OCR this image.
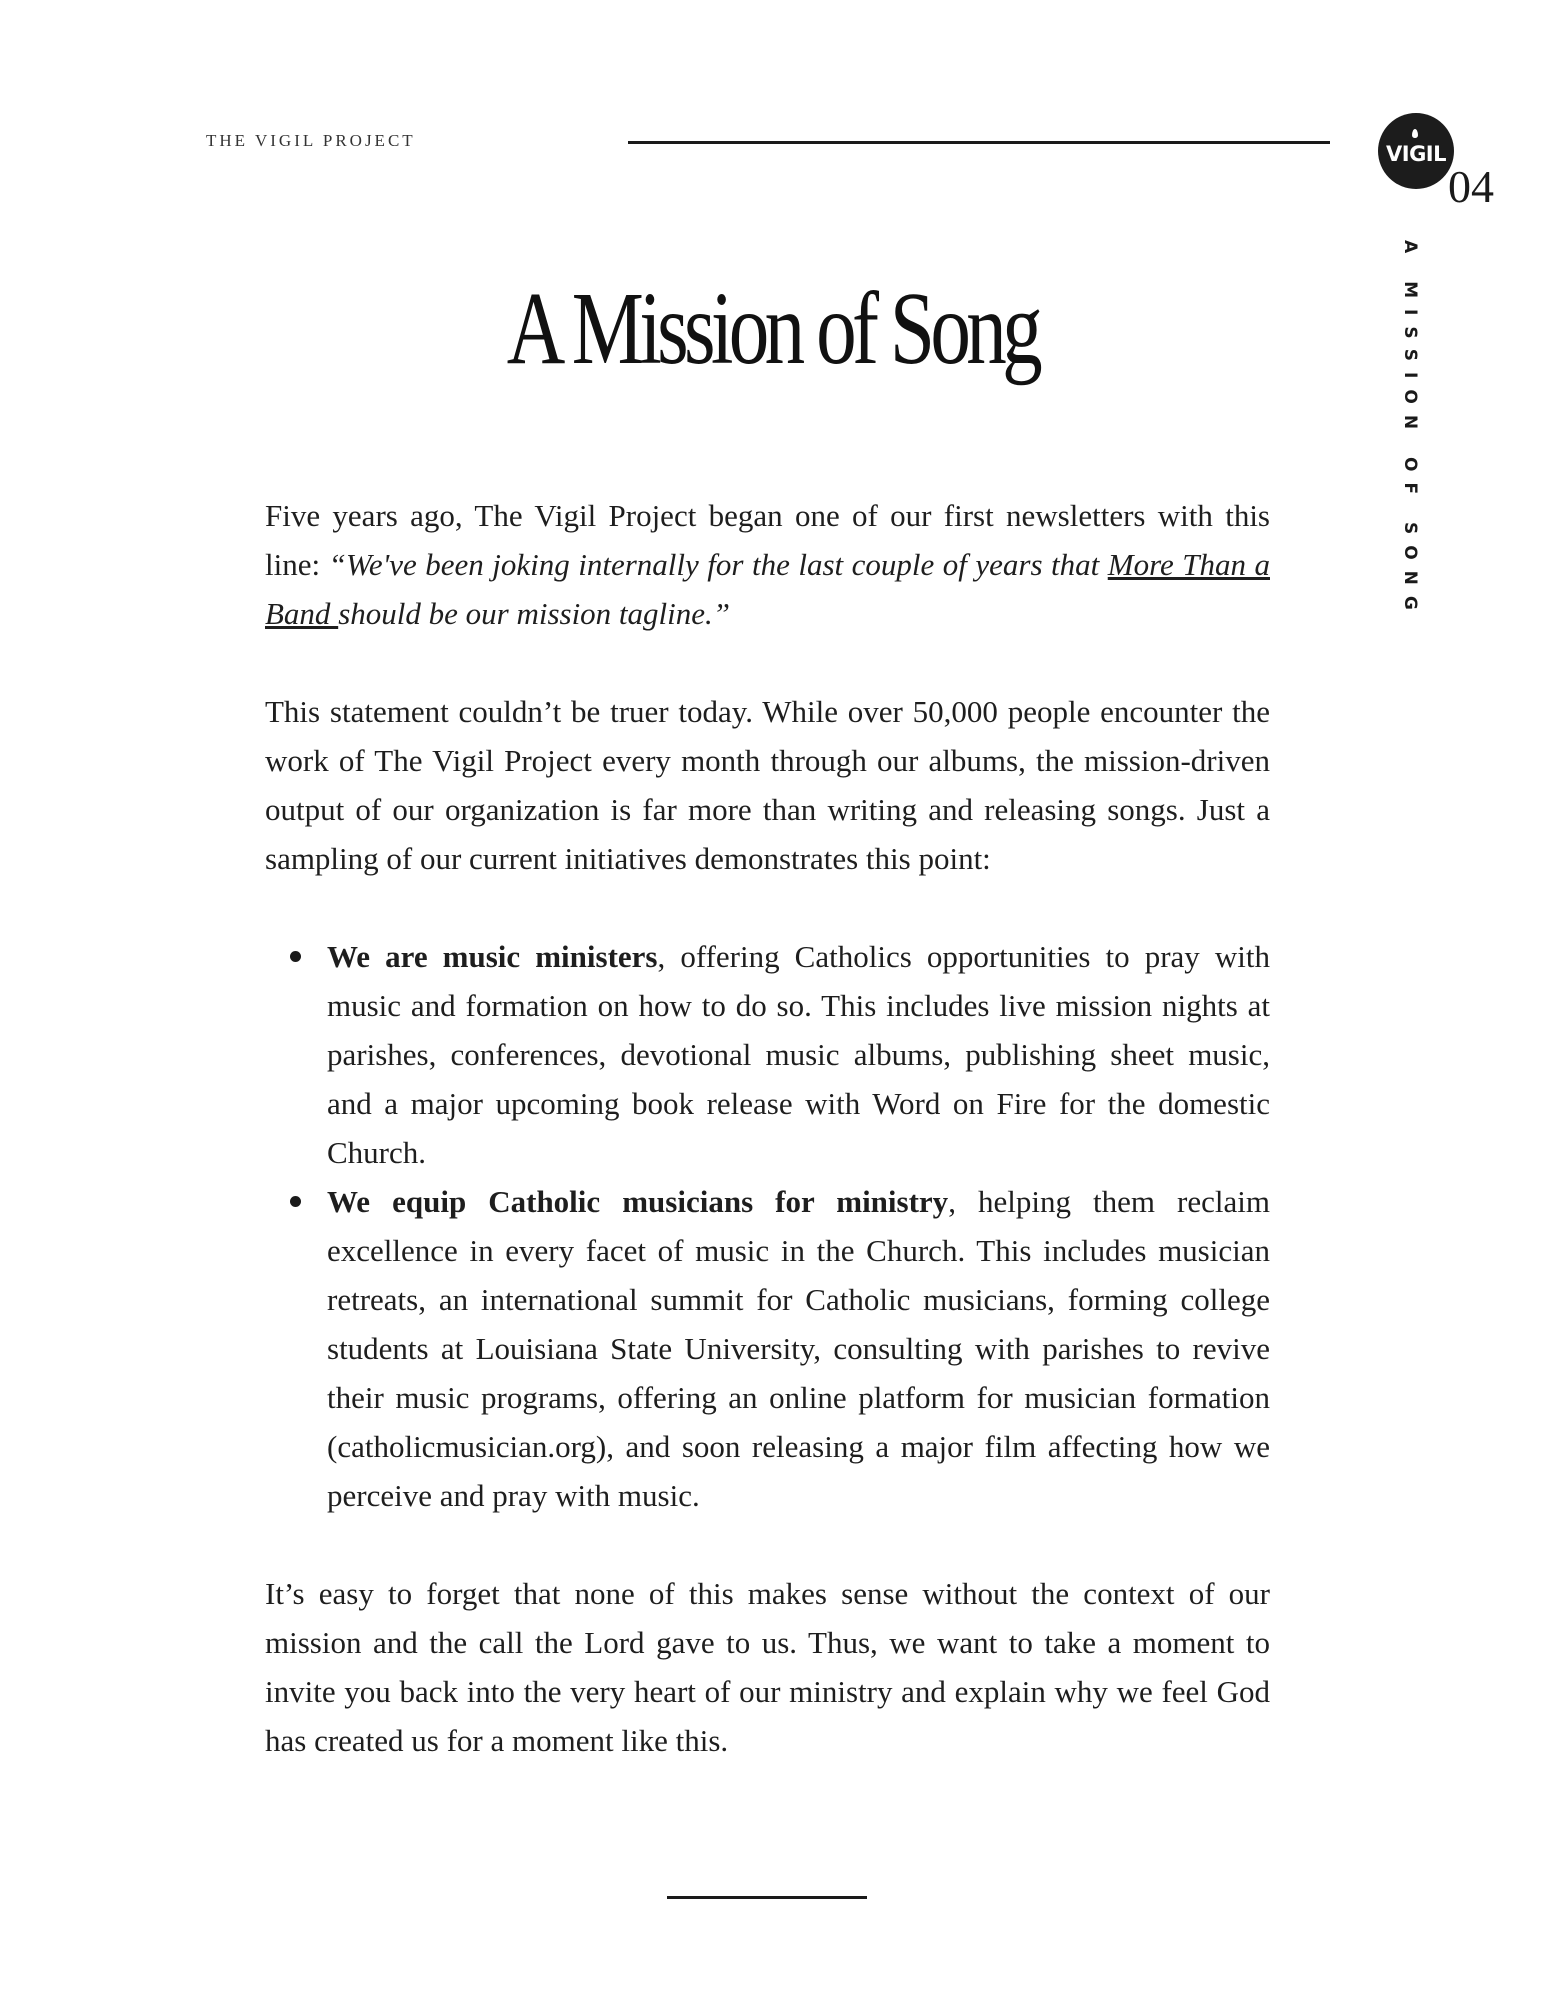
THE VIGIL PROJECT
VIGIL
04
A MISSION OF SONG
A Mission of Song

Five years ago, The Vigil Project began one of our first newsletters with this line: “We've been joking internally for the last couple of years that More Than a Band should be our mission tagline.”

This statement couldn’t be truer today. While over 50,000 people encounter the work of The Vigil Project every month through our albums, the mission-driven output of our organization is far more than writing and releasing songs. Just a sampling of our current initiatives demonstrates this point:

We are music ministers, offering Catholics opportunities to pray with music and formation on how to do so. This includes live mission nights at parishes, conferences, devotional music albums, publishing sheet music, and a major upcoming book release with Word on Fire for the domestic Church.
We equip Catholic musicians for ministry, helping them reclaim excellence in every facet of music in the Church. This includes musician retreats, an international summit for Catholic musicians, forming college students at Louisiana State University, consulting with parishes to revive their music programs, offering an online platform for musician formation (catholicmusician.org), and soon releasing a major film affecting how we perceive and pray with music.

It’s easy to forget that none of this makes sense without the context of our mission and the call the Lord gave to us. Thus, we want to take a moment to invite you back into the very heart of our ministry and explain why we feel God has created us for a moment like this.
